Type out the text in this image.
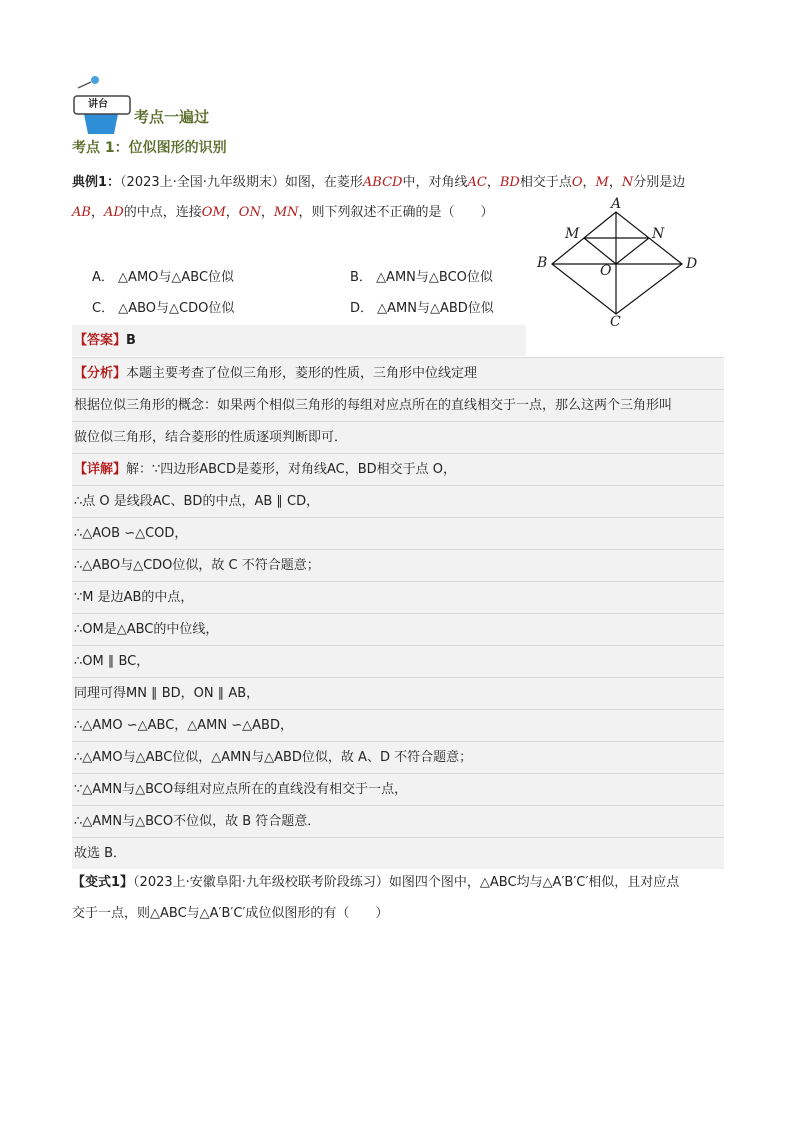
讲台
考点一遍过
考点 1：位似图形的识别
典例1：（2023上·全国·九年级期末）如图，在菱形ABCD中，对角线AC，BD相交于点O，M，N分别是边
AB，AD的中点，连接OM，ON，MN，则下列叙述不正确的是（　　）
A． △AMO与△ABC位似	B． △AMN与△BCO位似
C． △ABO与△CDO位似	D． △AMN与△ABD位似
A
B
C
D
M	N
O
【答案】B
【分析】本题主要考查了位似三角形，菱形的性质，三角形中位线定理
根据位似三角形的概念：如果两个相似三角形的每组对应点所在的直线相交于一点，那么这两个三角形叫
做位似三角形，结合菱形的性质逐项判断即可．
【详解】解：∵四边形ABCD是菱形，对角线AC，BD相交于点 O，
∴点 O 是线段AC、BD的中点，AB ∥ CD，
∴△AOB ∽△COD，
∴△ABO与△CDO位似，故 C 不符合题意；
∵M 是边AB的中点，
∴OM是△ABC的中位线，
∴OM ∥ BC，
同理可得MN ∥ BD，ON ∥ AB，
∴△AMO ∽△ABC，△AMN ∽△ABD，
∴△AMO与△ABC位似，△AMN与△ABD位似，故 A、D 不符合题意；
∵△AMN与△BCO每组对应点所在的直线没有相交于一点，
∴△AMN与△BCO不位似，故 B 符合题意．
故选 B．
【变式1】（2023上·安徽阜阳·九年级校联考阶段练习）如图四个图中，△ABC均与△A′B′C′相似，且对应点
交于一点，则△ABC与△A′B′C′成位似图形的有（　　）
